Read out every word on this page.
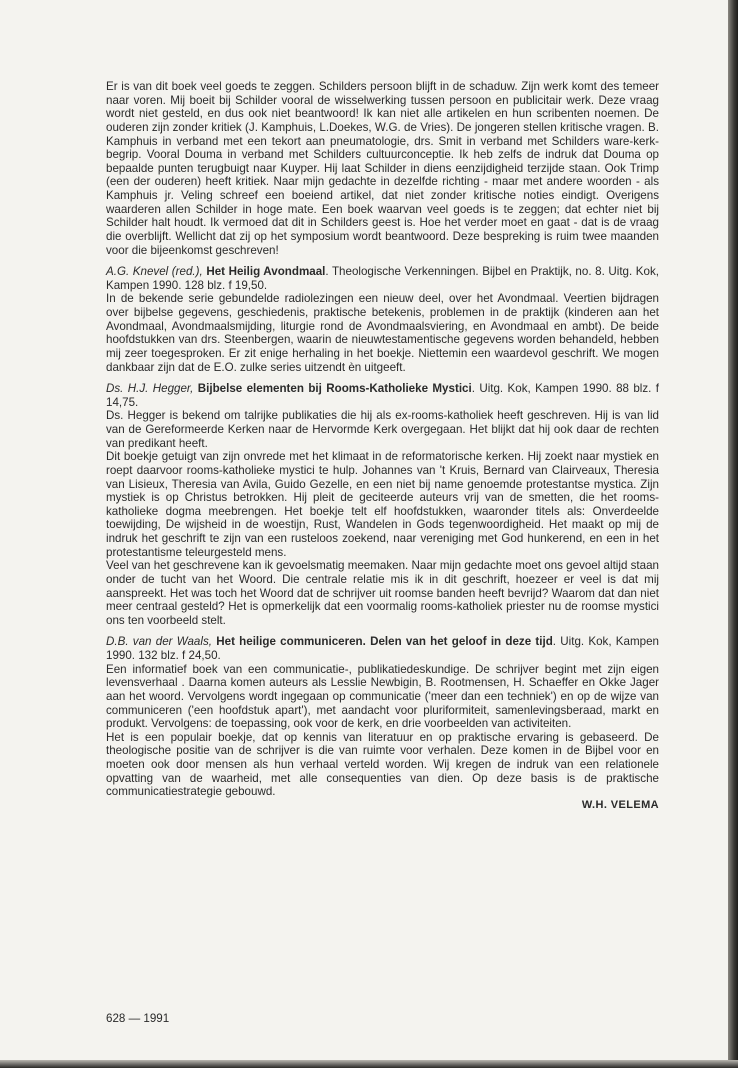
Er is van dit boek veel goeds te zeggen. Schilders persoon blijft in de schaduw. Zijn werk komt des temeer naar voren. Mij boeit bij Schilder vooral de wisselwerking tussen persoon en publicitair werk. Deze vraag wordt niet gesteld, en dus ook niet beantwoord! Ik kan niet alle artikelen en hun scribenten noemen. De ouderen zijn zonder kritiek (J. Kamphuis, L.Doekes, W.G. de Vries). De jongeren stellen kritische vragen. B. Kamphuis in verband met een tekort aan pneumatologie, drs. Smit in verband met Schilders ware-kerk-begrip. Vooral Douma in verband met Schilders cultuurconceptie. Ik heb zelfs de indruk dat Douma op bepaalde punten terugbuigt naar Kuyper. Hij laat Schilder in diens eenzijdigheid terzijde staan. Ook Trimp (een der ouderen) heeft kritiek. Naar mijn gedachte in dezelfde richting - maar met andere woorden - als Kamphuis jr. Veling schreef een boeiend artikel, dat niet zonder kritische noties eindigt. Overigens waarderen allen Schilder in hoge mate. Een boek waarvan veel goeds is te zeggen; dat echter niet bij Schilder halt houdt. Ik vermoed dat dit in Schilders geest is. Hoe het verder moet en gaat - dat is de vraag die overblijft. Wellicht dat zij op het symposium wordt beantwoord. Deze bespreking is ruim twee maanden voor die bijeenkomst geschreven!

A.G. Knevel (red.), Het Heilig Avondmaal. Theologische Verkenningen. Bijbel en Praktijk, no. 8. Uitg. Kok, Kampen 1990. 128 blz. f 19,50.

In de bekende serie gebundelde radiolezingen een nieuw deel, over het Avondmaal. Veertien bijdragen over bijbelse gegevens, geschiedenis, praktische betekenis, problemen in de praktijk (kinderen aan het Avondmaal, Avondmaalsmijding, liturgie rond de Avondmaalsviering, en Avondmaal en ambt). De beide hoofdstukken van drs. Steenbergen, waarin de nieuwtestamentische gegevens worden behandeld, hebben mij zeer toegesproken. Er zit enige herhaling in het boekje. Niettemin een waardevol geschrift. We mogen dankbaar zijn dat de E.O. zulke series uitzendt èn uitgeeft.

Ds. H.J. Hegger, Bijbelse elementen bij Rooms-Katholieke Mystici. Uitg. Kok, Kampen 1990. 88 blz. f 14,75.

Ds. Hegger is bekend om talrijke publikaties die hij als ex-rooms-katholiek heeft geschreven. Hij is van lid van de Gereformeerde Kerken naar de Hervormde Kerk overgegaan. Het blijkt dat hij ook daar de rechten van predikant heeft.

Dit boekje getuigt van zijn onvrede met het klimaat in de reformatorische kerken. Hij zoekt naar mystiek en roept daarvoor rooms-katholieke mystici te hulp. Johannes van 't Kruis, Bernard van Clairveaux, Theresia van Lisieux, Theresia van Avila, Guido Gezelle, en een niet bij name genoemde protestantse mystica. Zijn mystiek is op Christus betrokken. Hij pleit de geciteerde auteurs vrij van de smetten, die het rooms-katholieke dogma meebrengen. Het boekje telt elf hoofdstukken, waaronder titels als: Onverdeelde toewijding, De wijsheid in de woestijn, Rust, Wandelen in Gods tegenwoordigheid. Het maakt op mij de indruk het geschrift te zijn van een rusteloos zoekend, naar vereniging met God hunkerend, en een in het protestantisme teleurgesteld mens.

Veel van het geschrevene kan ik gevoelsmatig meemaken. Naar mijn gedachte moet ons gevoel altijd staan onder de tucht van het Woord. Die centrale relatie mis ik in dit geschrift, hoezeer er veel is dat mij aanspreekt. Het was toch het Woord dat de schrijver uit roomse banden heeft bevrijd? Waarom dat dan niet meer centraal gesteld? Het is opmerkelijk dat een voormalig rooms-katholiek priester nu de roomse mystici ons ten voorbeeld stelt.

D.B. van der Waals, Het heilige communiceren. Delen van het geloof in deze tijd. Uitg. Kok, Kampen 1990. 132 blz. f 24,50.

Een informatief boek van een communicatie-, publikatiedeskundige. De schrijver begint met zijn eigen levensverhaal . Daarna komen auteurs als Lesslie Newbigin, B. Rootmensen, H. Schaeffer en Okke Jager aan het woord. Vervolgens wordt ingegaan op communicatie ('meer dan een techniek') en op de wijze van communiceren ('een hoofdstuk apart'), met aandacht voor pluriformiteit, samenlevingsberaad, markt en produkt. Vervolgens: de toepassing, ook voor de kerk, en drie voorbeelden van activiteiten.

Het is een populair boekje, dat op kennis van literatuur en op praktische ervaring is gebaseerd. De theologische positie van de schrijver is die van ruimte voor verhalen. Deze komen in de Bijbel voor en moeten ook door mensen als hun verhaal verteld worden. Wij kregen de indruk van een relationele opvatting van de waarheid, met alle consequenties van dien. Op deze basis is de praktische communicatiestrategie gebouwd.

W.H. VELEMA

628 — 1991
